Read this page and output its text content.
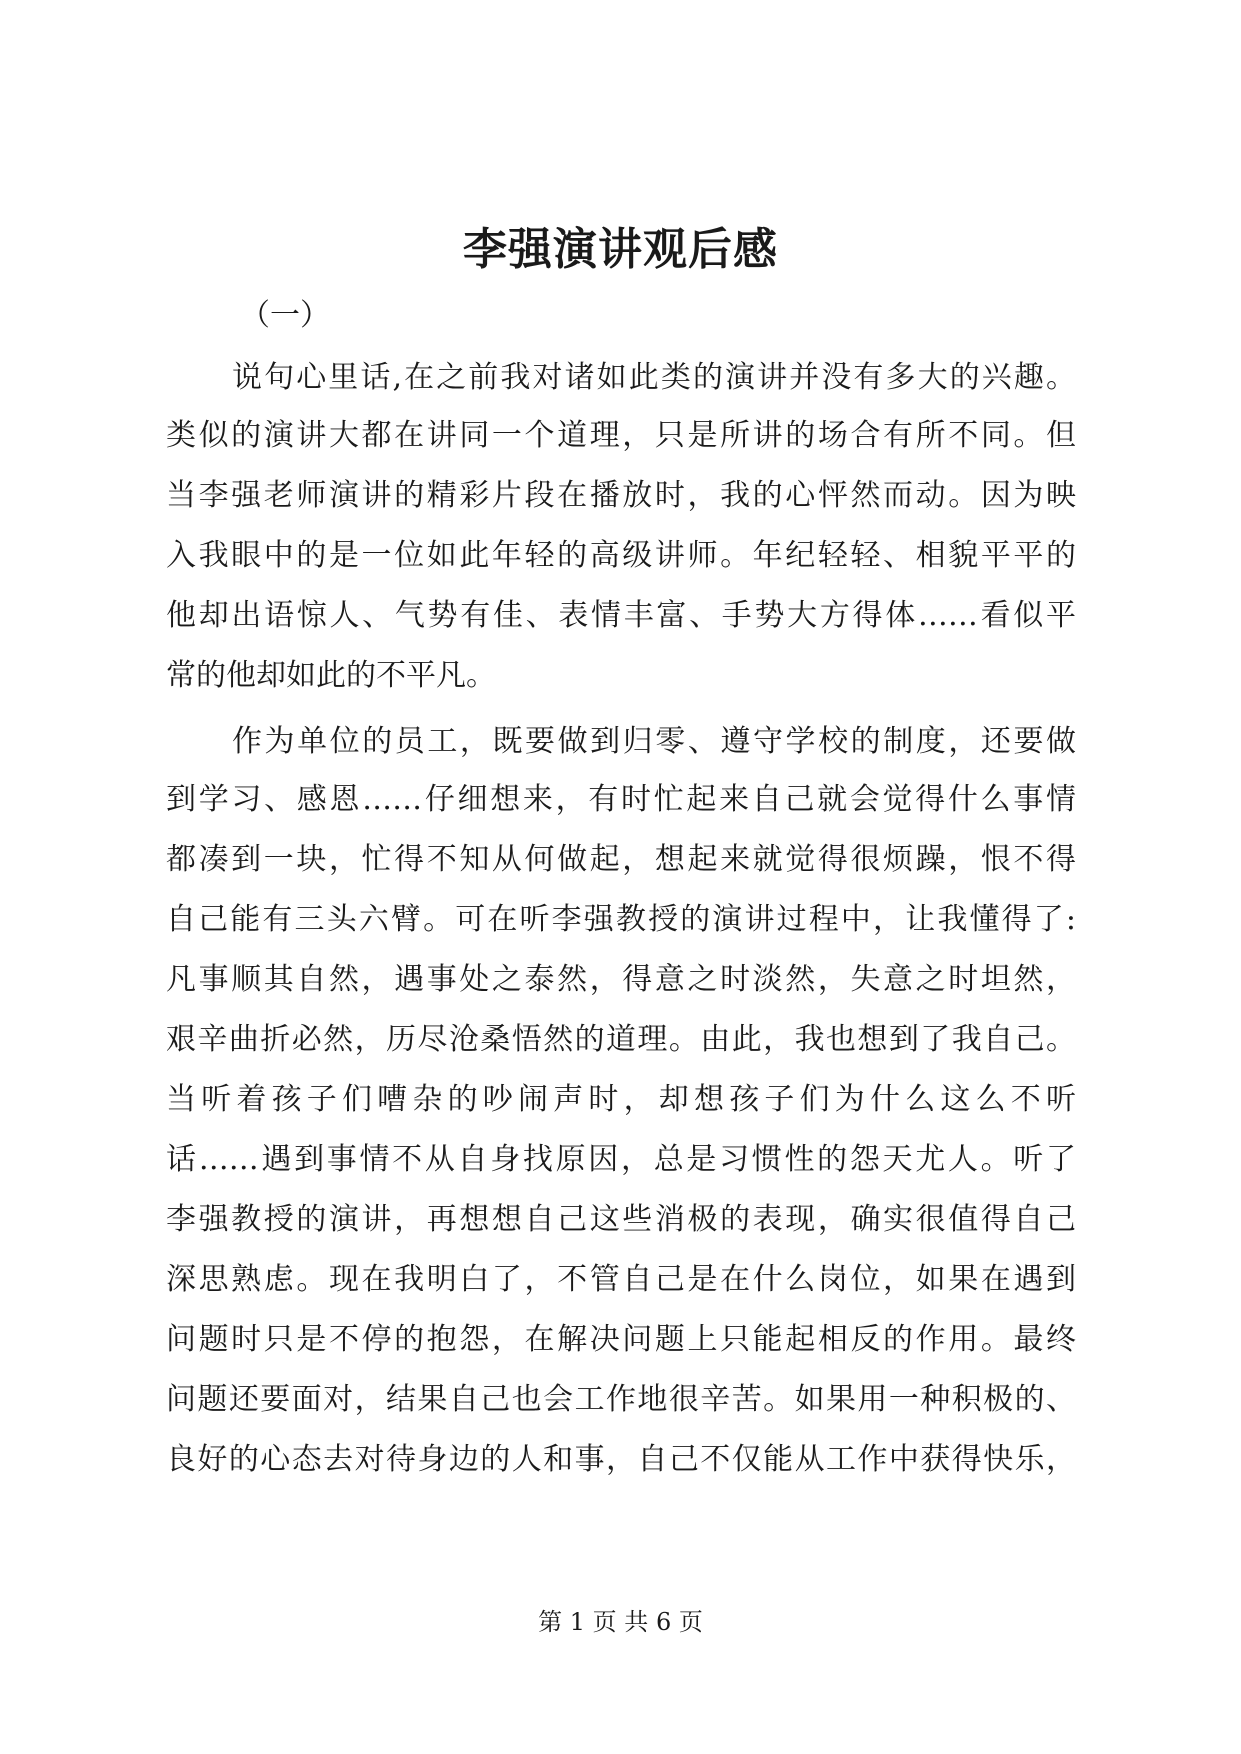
李强演讲观后感
（一）
说句心里话,在之前我对诸如此类的演讲并没有多大的兴趣。
类似的演讲大都在讲同一个道理，只是所讲的场合有所不同。但
当李强老师演讲的精彩片段在播放时，我的心怦然而动。因为映
入我眼中的是一位如此年轻的高级讲师。年纪轻轻、相貌平平的
他却出语惊人、气势有佳、表情丰富、手势大方得体……看似平
常的他却如此的不平凡。
作为单位的员工，既要做到归零、遵守学校的制度，还要做
到学习、感恩……仔细想来，有时忙起来自己就会觉得什么事情
都凑到一块，忙得不知从何做起，想起来就觉得很烦躁，恨不得
自己能有三头六臂。可在听李强教授的演讲过程中，让我懂得了:
凡事顺其自然，遇事处之泰然，得意之时淡然，失意之时坦然，
艰辛曲折必然，历尽沧桑悟然的道理。由此，我也想到了我自己。
当听着孩子们嘈杂的吵闹声时，却想孩子们为什么这么不听
话……遇到事情不从自身找原因，总是习惯性的怨天尤人。听了
李强教授的演讲，再想想自己这些消极的表现，确实很值得自己
深思熟虑。现在我明白了，不管自己是在什么岗位，如果在遇到
问题时只是不停的抱怨，在解决问题上只能起相反的作用。最终
问题还要面对，结果自己也会工作地很辛苦。如果用一种积极的、
良好的心态去对待身边的人和事，自己不仅能从工作中获得快乐，
第 1 页 共 6 页
